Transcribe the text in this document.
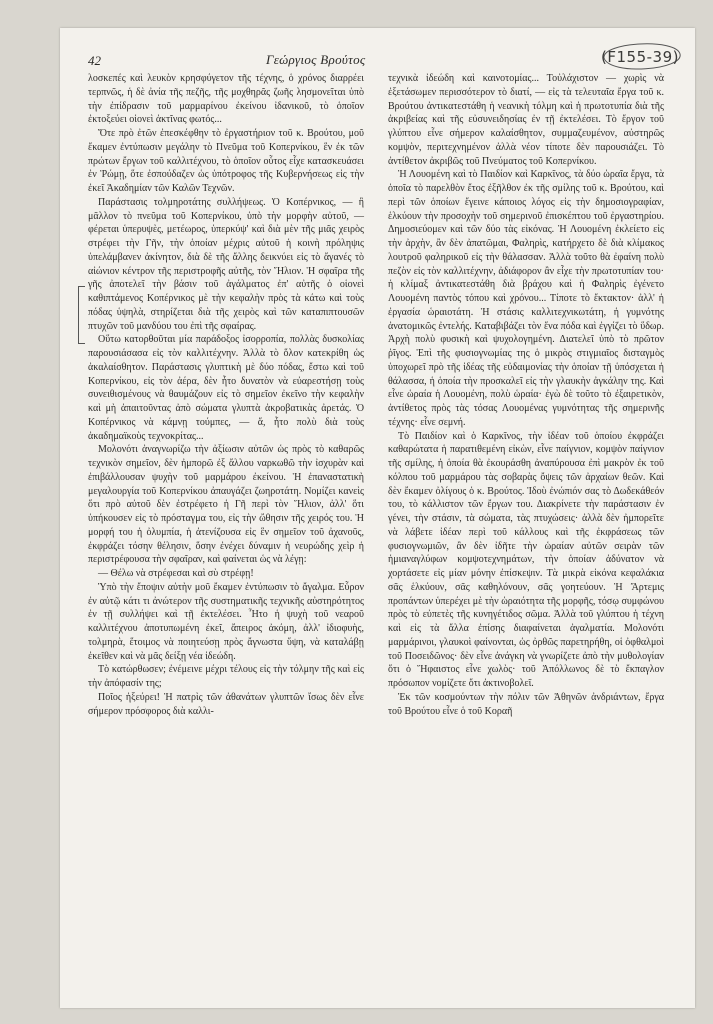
42	Γεώργιος Βρούτος	(F155-39)

λοσκεπές καὶ λευκὸν κρησφύγετον τῆς τέχνης, ὁ χρόνος διαρρέει τερπνῶς, ἡ δὲ ἀνία τῆς πεζῆς, τῆς μοχθηρᾶς ζωῆς λησμονεῖται ὑπὸ τὴν ἐπίδρασιν τοῦ μαρμαρίνου ἐκείνου ἰδανικοῦ, τὸ ὁποῖον ἐκτοξεύει οἱονεὶ ἀκτῖνας φωτός...

Ὅτε πρὸ ἐτῶν ἐπεσκέφθην τὸ ἐργαστήριον τοῦ κ. Βρούτου, μοῦ ἔκαμεν ἐντύπωσιν μεγάλην τὸ Πνεῦμα τοῦ Κοπερνίκου, ἓν ἐκ τῶν πρώτων ἔργων τοῦ καλλιτέχνου, τὸ ὁποῖον οὗτος εἶχε κατασκευάσει ἐν Ῥώμῃ, ὅτε ἐσπούδαζεν ὡς ὑπότροφος τῆς Κυβερνήσεως εἰς τὴν ἐκεῖ Ἀκαδημίαν τῶν Καλῶν Τεχνῶν.

Παράστασις τολμηροτάτης συλλήψεως. Ὁ Κοπέρνικος, — ἢ μᾶλλον τὸ πνεῦμα τοῦ Κοπερνίκου, ὑπὸ τὴν μορφὴν αὐτοῦ, — φέρεται ὑπερυψὲς, μετέωρος, ὑπερκύψ' καὶ διὰ μὲν τῆς μιᾶς χειρὸς στρέφει τὴν Γῆν, τὴν ὁποίαν μέχρις αὐτοῦ ἡ κοινὴ πρόληψις ὑπελάμβανεν ἀκίνητον, διὰ δὲ τῆς ἄλλης δεικνύει εἰς τὸ ἄγανές τὸ αἰώνιον κέντρον τῆς περιστροφῆς αὐτῆς, τὸν Ἥλιον. Ἡ σφαῖρα τῆς γῆς ἀποτελεῖ τὴν βάσιν τοῦ ἀγάλματος ἐπ' αὐτῆς ὁ οἱονεὶ καθιπτάμενος Κοπέρνικος μὲ τὴν κεφαλὴν πρὸς τὰ κάτω καὶ τοὺς πόδας ὑψηλὰ, στηρίζεται διὰ τῆς χειρὸς καὶ τῶν καταπιπτουσῶν πτυχῶν τοῦ μανδύου του ἐπὶ τῆς σφαίρας.

Οὕτω κατορθοῦται μία παράδοξος ἰσορροπία, πολλὰς δυσκολίας παρουσιάσασα εἰς τὸν καλλιτέχνην. Ἀλλὰ τὸ ὅλον κατεκρίθη ὡς ἀκαλαίσθητον. Παράστασις γλυπτικὴ μὲ δύο πόδας, ἔστω καὶ τοῦ Κοπερνίκου, εἰς τὸν ἀέρα, δὲν ἦτο δυνατὸν νὰ εὐαρεστήσῃ τοὺς συνειθισμένους νὰ θαυμάζουν εἰς τὸ σημεῖον ἐκεῖνο τὴν κεφαλὴν καὶ μὴ ἀπαιτοῦντας ἀπὸ σώματα γλυπτὰ ἀκροβατικὰς ἀρετάς. Ὁ Κοπέρνικος νὰ κάμνῃ τούμπες, — ἅ, ἦτο πολὺ διὰ τοὺς ἀκαδημαϊκοὺς τεχνοκρίτας...

Μολονότι ἀναγνωρίζω τὴν ἀξίωσιν αὐτῶν ὡς πρὸς τὸ καθαρῶς τεχνικὸν σημεῖον, δὲν ἠμπορῶ ἐξ ἄλλου ναρκωθῶ τὴν ἰσχυρὰν καὶ ἐπιβάλλουσαν ψυχὴν τοῦ μαρμάρου ἐκείνου. Ἡ ἐπαναστατικὴ μεγαλουργία τοῦ Κοπερνίκου ἀπαυγάζει ζωηροτάτη. Νομίζει κανεὶς ὅτι πρὸ αὐτοῦ δὲν ἐστρέφετο ἡ Γῆ περὶ τὸν Ἥλιον, ἀλλ' ὅτι ὑπήκουσεν εἰς τὸ πρόσταγμα του, εἰς τὴν ὤθησιν τῆς χειρός του. Ἡ μορφή του ἡ ὀλυμπία, ἡ ἀτενίζουσα εἰς ἓν σημεῖον τοῦ ἀχανοῦς, ἐκφράζει τόσην θέλησιν, ὅσην ἐνέχει δύναμιν ἡ νευρώδης χεὶρ ἡ περιστρέφουσα τὴν σφαῖραν, καὶ φαίνεται ὡς νὰ λέγῃ:

— Θέλω νὰ στρέφεσαι καὶ σὺ στρέφῃ!

Ὑπὸ τὴν ἔποψιν αὐτὴν μοῦ ἔκαμεν ἐντύπωσιν τὸ ἄγαλμα. Εὗρον ἐν αὐτῷ κάτι τι ἀνώτερον τῆς συστηματικῆς τεχνικῆς αὐστηρότητος ἐν τῇ συλλήψει καὶ τῇ ἐκτελέσει. Ἦτο ἡ ψυχὴ τοῦ νεαροῦ καλλιτέχνου ἀποτυπωμένη ἐκεῖ, ἄπειρος ἀκόμη, ἀλλ' ἰδιοφυὴς, τολμηρὰ, ἕτοιμος νὰ ποιητεύσῃ πρὸς ἄγνωστα ὕψη, νὰ καταλάβῃ ἐκεῖθεν καὶ νὰ μᾶς δείξῃ νέα ἰδεώδη.

Τὸ κατώρθωσεν; ἐνέμεινε μέχρι τέλους εἰς τὴν τόλμην τῆς καὶ εἰς τὴν ἀπόφασίν της;

Ποῖος ἠξεύρει! Ἡ πατρὶς τῶν ἀθανάτων γλυπτῶν ἴσως δὲν εἶνε σήμερον πρόσφορος διὰ καλλι-

τεχνικὰ ἰδεώδη καὶ καινοτομίας... Τοὐλάχιστον — χωρὶς νὰ ἐξετάσωμεν περισσότερον τὸ διατί, — εἰς τὰ τελευταῖα ἔργα τοῦ κ. Βρούτου ἀντικατεστάθη ἡ νεανικὴ τόλμη καὶ ἡ πρωτοτυπία διὰ τῆς ἀκριβείας καὶ τῆς εὐσυνειδησίας ἐν τῇ ἐκτελέσει. Τὸ ἔργον τοῦ γλύπτου εἶνε σήμερον καλαίσθητον, συμμαζευμένον, αὐστηρῶς κομψὸν, περιτεχνημένον ἀλλὰ νέον τίποτε δὲν παρουσιάζει. Τὸ ἀντίθετον ἀκριβῶς τοῦ Πνεύματος τοῦ Κοπερνίκου.

Ἡ Λουομένη καὶ τὸ Παιδίον καὶ Καρκῖνος, τὰ δύο ὡραῖα ἔργα, τὰ ὁποῖα τὸ παρελθὸν ἔτος ἐξῆλθον ἐκ τῆς σμίλης τοῦ κ. Βρούτου, καὶ περὶ τῶν ὁποίων ἔγεινε κάποιος λόγος εἰς τὴν δημοσιογραφίαν, ἑλκύουν τὴν προσοχὴν τοῦ σημερινοῦ ἐπισκέπτου τοῦ ἐργαστηρίου. Δημοσιεύομεν καὶ τῶν δύο τὰς εἰκόνας. Ἡ Λουομένη ἐκλείετο εἰς τὴν ἀρχὴν, ἂν δὲν ἀπατῶμαι, Φαληρὶς, κατήρχετο δὲ διὰ κλίμακος λουτροῦ φαληρικοῦ εἰς τὴν θάλασσαν. Ἀλλὰ τοῦτο θὰ ἐφαίνη πολὺ πεζὸν εἰς τὸν καλλιτέχνην, ἀδιάφορον ἂν εἶχε τὴν πρωτοτυπίαν του· ἡ κλίμαξ ἀντικατεστάθη διὰ βράχου καὶ ἡ Φαληρὶς ἐγένετο Λουομένη παντὸς τόπου καὶ χρόνου... Τίποτε τὸ ἔκτακτον· ἀλλ' ἡ ἐργασία ὡραιοτάτη. Ἡ στάσις καλλιτεχνικωτάτη, ἡ γυμνότης ἀνατομικῶς ἐντελής. Καταβιβάζει τὸν ἕνα πόδα καὶ ἐγγίζει τὸ ὕδωρ. Ἀρχὴ πολὺ φυσικὴ καὶ ψυχολογημένη. Διατελεῖ ὑπὸ τὸ πρῶτον ῥῖγος. Ἐπὶ τῆς φυσιογνωμίας της ὁ μικρὸς στιγμιαῖος δισταγμὸς ὑποχωρεῖ πρὸ τῆς ἰδέας τῆς εὐδαιμονίας τὴν ὁποίαν τῇ ὑπόσχεται ἡ θάλασσα, ἡ ὁποία τὴν προσκαλεῖ εἰς τὴν γλαυκὴν ἀγκάλην της. Καὶ εἶνε ὡραία ἡ Λουομένη, πολὺ ὡραία· ἐγὼ δὲ τοῦτο τὸ ἐξαιρετικὸν, ἀντίθετος πρὸς τὰς τόσας Λουομένας γυμνότητας τῆς σημερινῆς τέχνης· εἶνε σεμνή.

Τὸ Παιδίον καὶ ὁ Καρκῖνος, τὴν ἰδέαν τοῦ ὁποίου ἐκφράζει καθαρώτατα ἡ παρατιθεμένη εἰκὼν, εἶνε παίγνιον, κομψὸν παίγνιον τῆς σμίλης, ἡ ὁποία θὰ ἐκουράσθη ἀναπύρουσα ἐπὶ μακρὸν ἐκ τοῦ κόλπου τοῦ μαρμάρου τὰς σοβαρὰς ὄψεις τῶν ἀρχαίων θεῶν. Καὶ δὲν ἔκαμεν ὀλίγους ὁ κ. Βρούτος. Ἰδοὺ ἐνώπιόν σας τὸ Δωδεκάθεόν του, τὸ κάλλιστον τῶν ἔργων του. Διακρίνετε τὴν παράστασιν ἐν γένει, τὴν στάσιν, τὰ σώματα, τὰς πτυχώσεις· ἀλλὰ δὲν ἠμπορεῖτε νὰ λάβετε ἰδέαν περὶ τοῦ κάλλους καὶ τῆς ἐκφράσεως τῶν φυσιογνωμιῶν, ἂν δὲν ἰδῆτε τὴν ὡραίαν αὐτῶν σειρὰν τῶν ἡμιαναγλύφων κομψοτεχνημάτων, τὴν ὁποίαν ἀδύνατον νὰ χορτάσετε εἰς μίαν μόνην ἐπίσκεψιν. Τὰ μικρὰ εἰκόνα κεφαλάκια σᾶς ἑλκύουν, σᾶς καθηλόνουν, σᾶς γοητεύουν. Ἡ Ἄρτεμις προπάντων ὑπερέχει μὲ τὴν ὡραιότητα τῆς μορφῆς, τόσῳ συμφώνου πρὸς τὸ εὐπετὲς τῆς κυνηγέτιδος σῶμα. Ἀλλὰ τοῦ γλύπτου ἡ τέχνη καὶ εἰς τὰ ἄλλα ἐπίσης διαφαίνεται ἀγαλματία. Μολονότι μαρμάρινοι, γλαυκοὶ φαίνονται, ὡς ὀρθῶς παρετηρήθη, οἱ ὀφθαλμοὶ τοῦ Ποσειδῶνος· δὲν εἶνε ἀνάγκη νὰ γνωρίζετε ἀπὸ τὴν μυθολογίαν ὅτι ὁ Ἥφαιστος εἶνε χωλὸς· τοῦ Ἀπόλλωνος δὲ τὸ ἔκπαγλον πρόσωπον νομίζετε ὅτι ἀκτινοβολεῖ.

Ἐκ τῶν κοσμούντων τὴν πόλιν τῶν Ἀθηνῶν ἀνδριάντων, ἔργα τοῦ Βρούτου εἶνε ὁ τοῦ Κοραῆ
